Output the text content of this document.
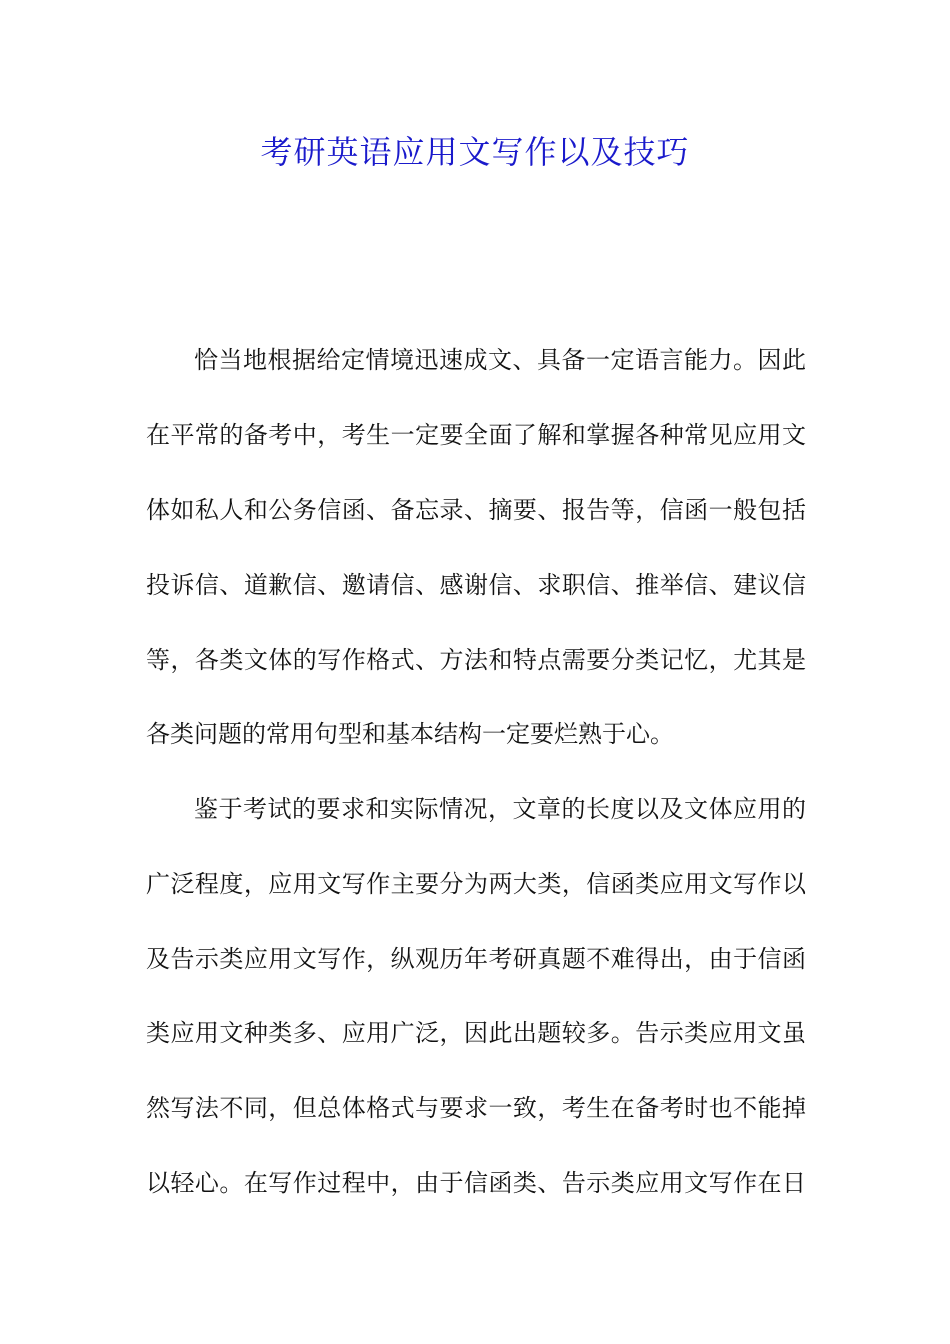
考研英语应用文写作以及技巧
恰当地根据给定情境迅速成文、具备一定语言能力。因此
在平常的备考中，考生一定要全面了解和掌握各种常见应用文
体如私人和公务信函、备忘录、摘要、报告等，信函一般包括
投诉信、道歉信、邀请信、感谢信、求职信、推举信、建议信
等，各类文体的写作格式、方法和特点需要分类记忆，尤其是
各类问题的常用句型和基本结构一定要烂熟于心。
鉴于考试的要求和实际情况，文章的长度以及文体应用的
广泛程度，应用文写作主要分为两大类，信函类应用文写作以
及告示类应用文写作，纵观历年考研真题不难得出，由于信函
类应用文种类多、应用广泛，因此出题较多。告示类应用文虽
然写法不同，但总体格式与要求一致，考生在备考时也不能掉
以轻心。在写作过程中，由于信函类、告示类应用文写作在日
